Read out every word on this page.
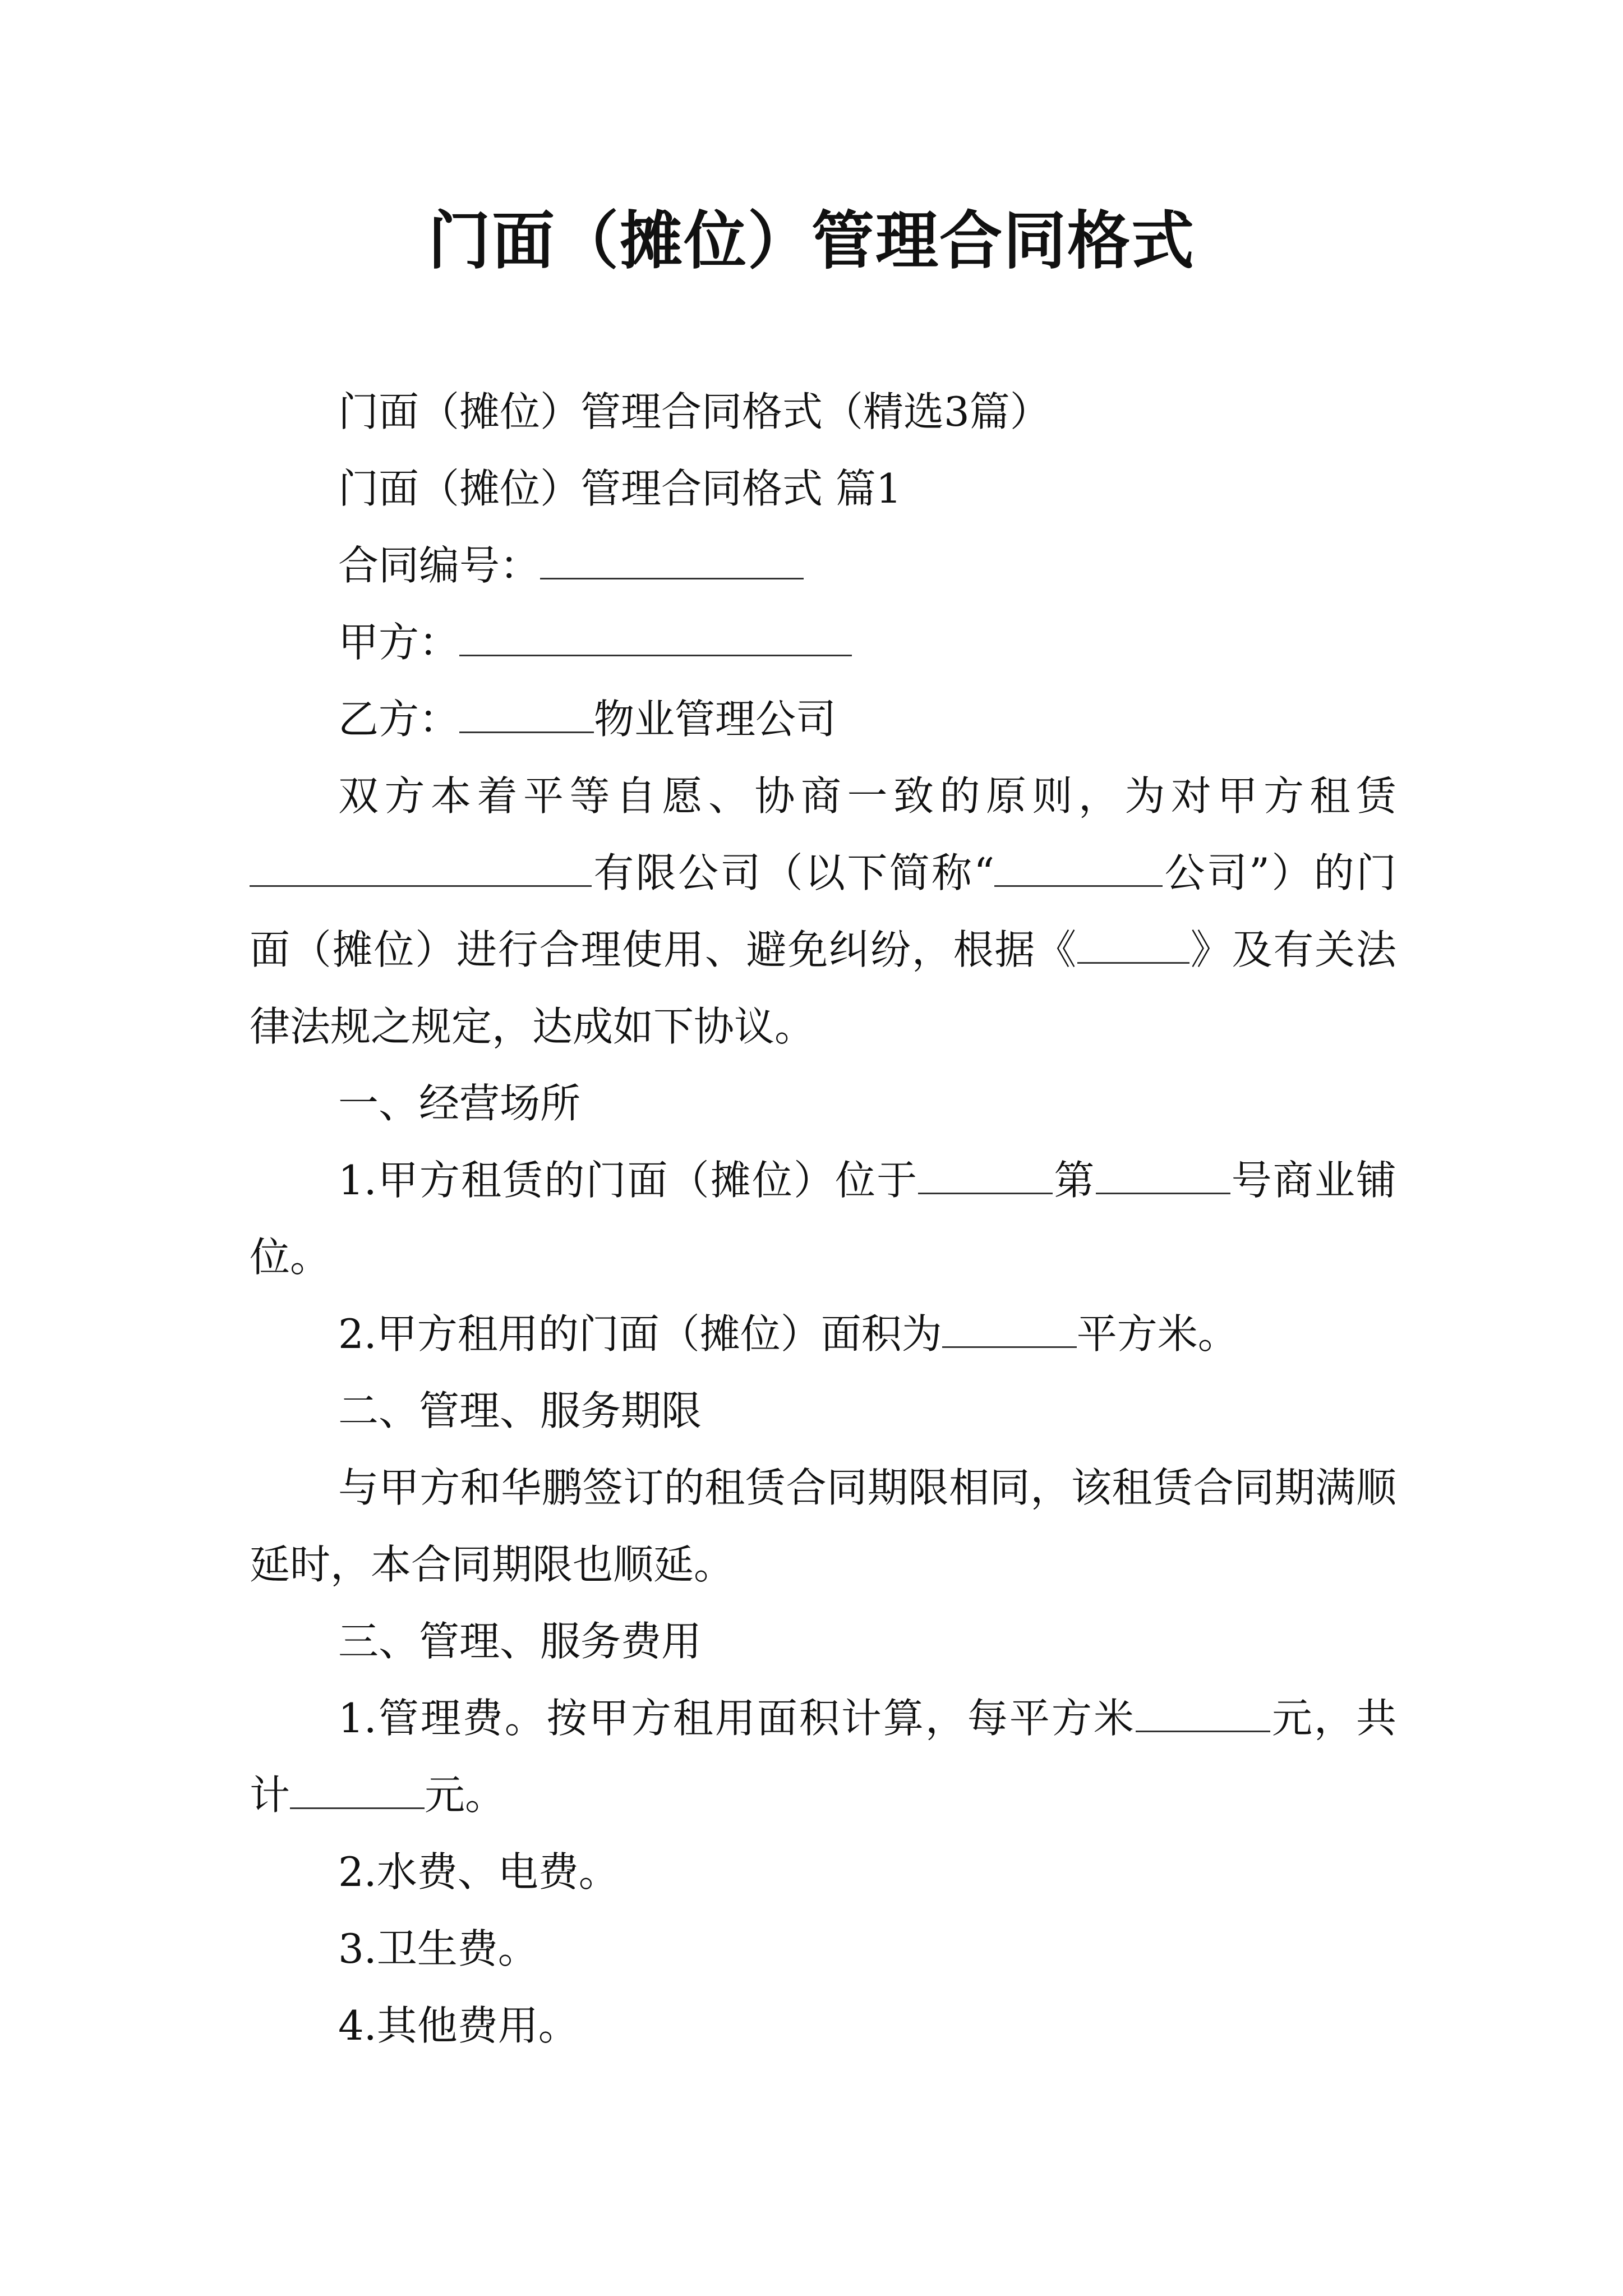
门面（摊位）管理合同格式

门面（摊位）管理合同格式（精选3篇）

门面（摊位）管理合同格式 篇1

合同编号：

甲方：

乙方：	物业管理公司

双方本着平等自愿、协商一致的原则，为对甲方租赁有限公司（以下简称“	公司”）的门面（摊位）进行合理使用、避免纠纷，根据《	》及有关法律法规之规定，达成如下协议。

一、经营场所

1.甲方租赁的门面（摊位）位于	第	号商业铺位。

2.甲方租用的门面（摊位）面积为	平方米。

二、管理、服务期限

与甲方和华鹏签订的租赁合同期限相同，该租赁合同期满顺延时，本合同期限也顺延。

三、管理、服务费用

1.管理费。按甲方租用面积计算，每平方米	元，共计	元。

2.水费、电费。

3.卫生费。

4.其他费用。
